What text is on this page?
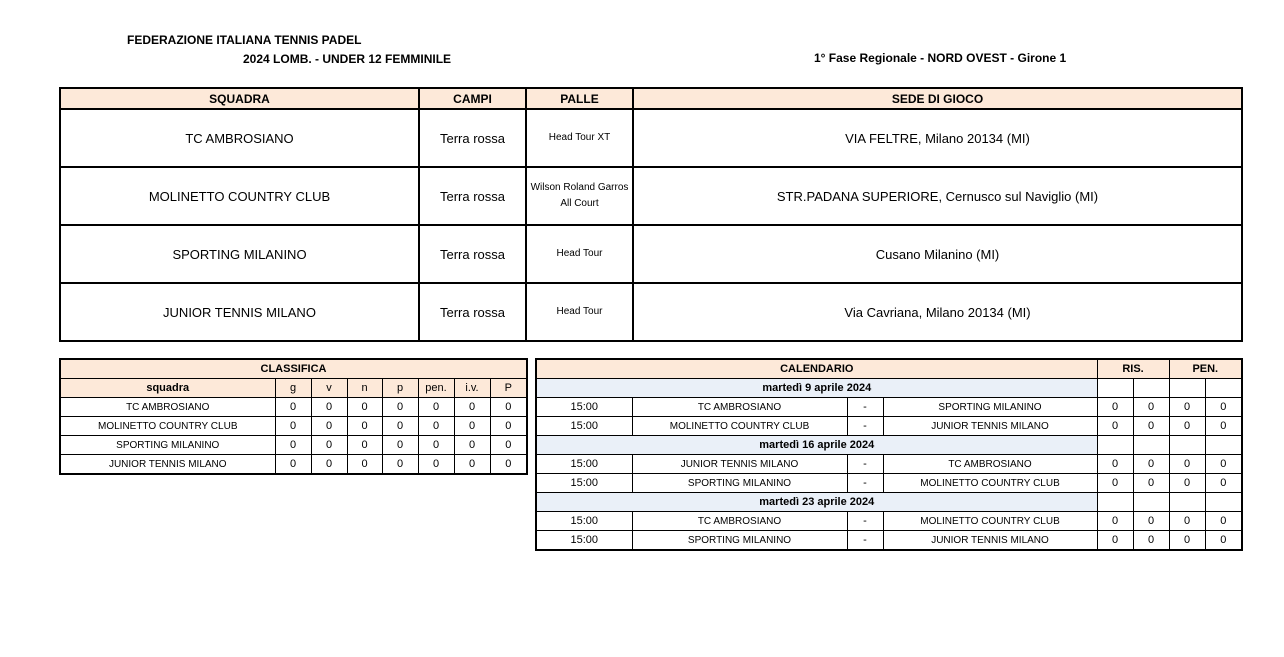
FEDERAZIONE ITALIANA TENNIS PADEL
2024 LOMB. - UNDER 12 FEMMINILE	1° Fase Regionale - NORD OVEST - Girone 1
SQUADRA	CAMPI	PALLE	SEDE DI GIOCO
TC AMBROSIANO	Terra rossa	Head Tour XT	VIA FELTRE, Milano 20134 (MI)
MOLINETTO COUNTRY CLUB	Terra rossa	Wilson Roland Garros All Court	STR.PADANA SUPERIORE, Cernusco sul Naviglio (MI)
SPORTING MILANINO	Terra rossa	Head Tour	Cusano Milanino (MI)
JUNIOR TENNIS MILANO	Terra rossa	Head Tour	Via Cavriana, Milano 20134 (MI)
CLASSIFICA							
squadra	g	v	n	p	pen.	i.v.	P
TC AMBROSIANO	0	0	0	0	0	0	0
MOLINETTO COUNTRY CLUB	0	0	0	0	0	0	0
SPORTING MILANINO	0	0	0	0	0	0	0
JUNIOR TENNIS MILANO	0	0	0	0	0	0	0
CALENDARIO				RIS.		PEN.	
martedì 9 aprile 2024							
15:00	TC AMBROSIANO	-	SPORTING MILANINO	0	0	0	0
15:00	MOLINETTO COUNTRY CLUB	-	JUNIOR TENNIS MILANO	0	0	0	0
martedì 16 aprile 2024							
15:00	JUNIOR TENNIS MILANO	-	TC AMBROSIANO	0	0	0	0
15:00	SPORTING MILANINO	-	MOLINETTO COUNTRY CLUB	0	0	0	0
martedì 23 aprile 2024							
15:00	TC AMBROSIANO	-	MOLINETTO COUNTRY CLUB	0	0	0	0
15:00	SPORTING MILANINO	-	JUNIOR TENNIS MILANO	0	0	0	0
